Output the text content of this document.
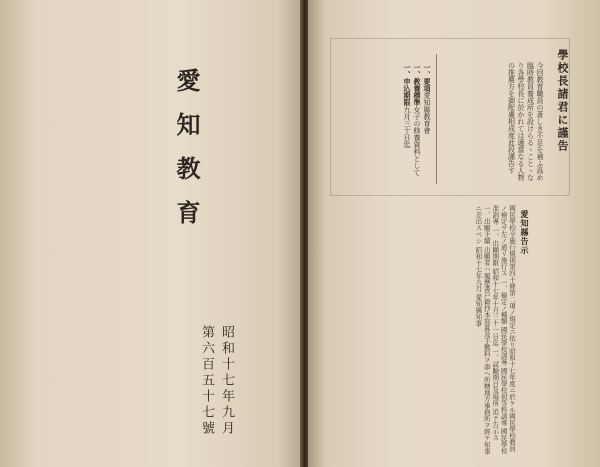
愛知教育
昭和十七年九月
第六百五十七號
學校長諸君に謹告
今回教育職員の著しき不足を補ふ爲め臨時教員養成所を設けらるゝことゝなり各學校長に於かれては適當なる人物の推薦方を御配慮相成度此段謹告す
一、要項愛知縣教育會
一、教養標準女子の修養資料として
一、申込期限九月三十日迄
愛知縣告示
國民學校令施行規則第四十條第二項ノ規定ニ依リ昭和十七年度ニ於ケル國民學校教員ノ檢定ヲ左ノ通リ施行ス 一、檢定ノ種類 國民學校訓導 國民學校初等科訓導 國民學校准訓導 一、出願期限 昭和十七年十月三十一日迄 一、試驗期日及場所 追テ告示ス 一、出願手續 出願者ハ履歷書戸籍抄本寫眞及手數料ヲ添ヘ所轄地方事務所ヲ經テ知事ニ差出スベシ 昭和十七年九月 愛知縣知事
